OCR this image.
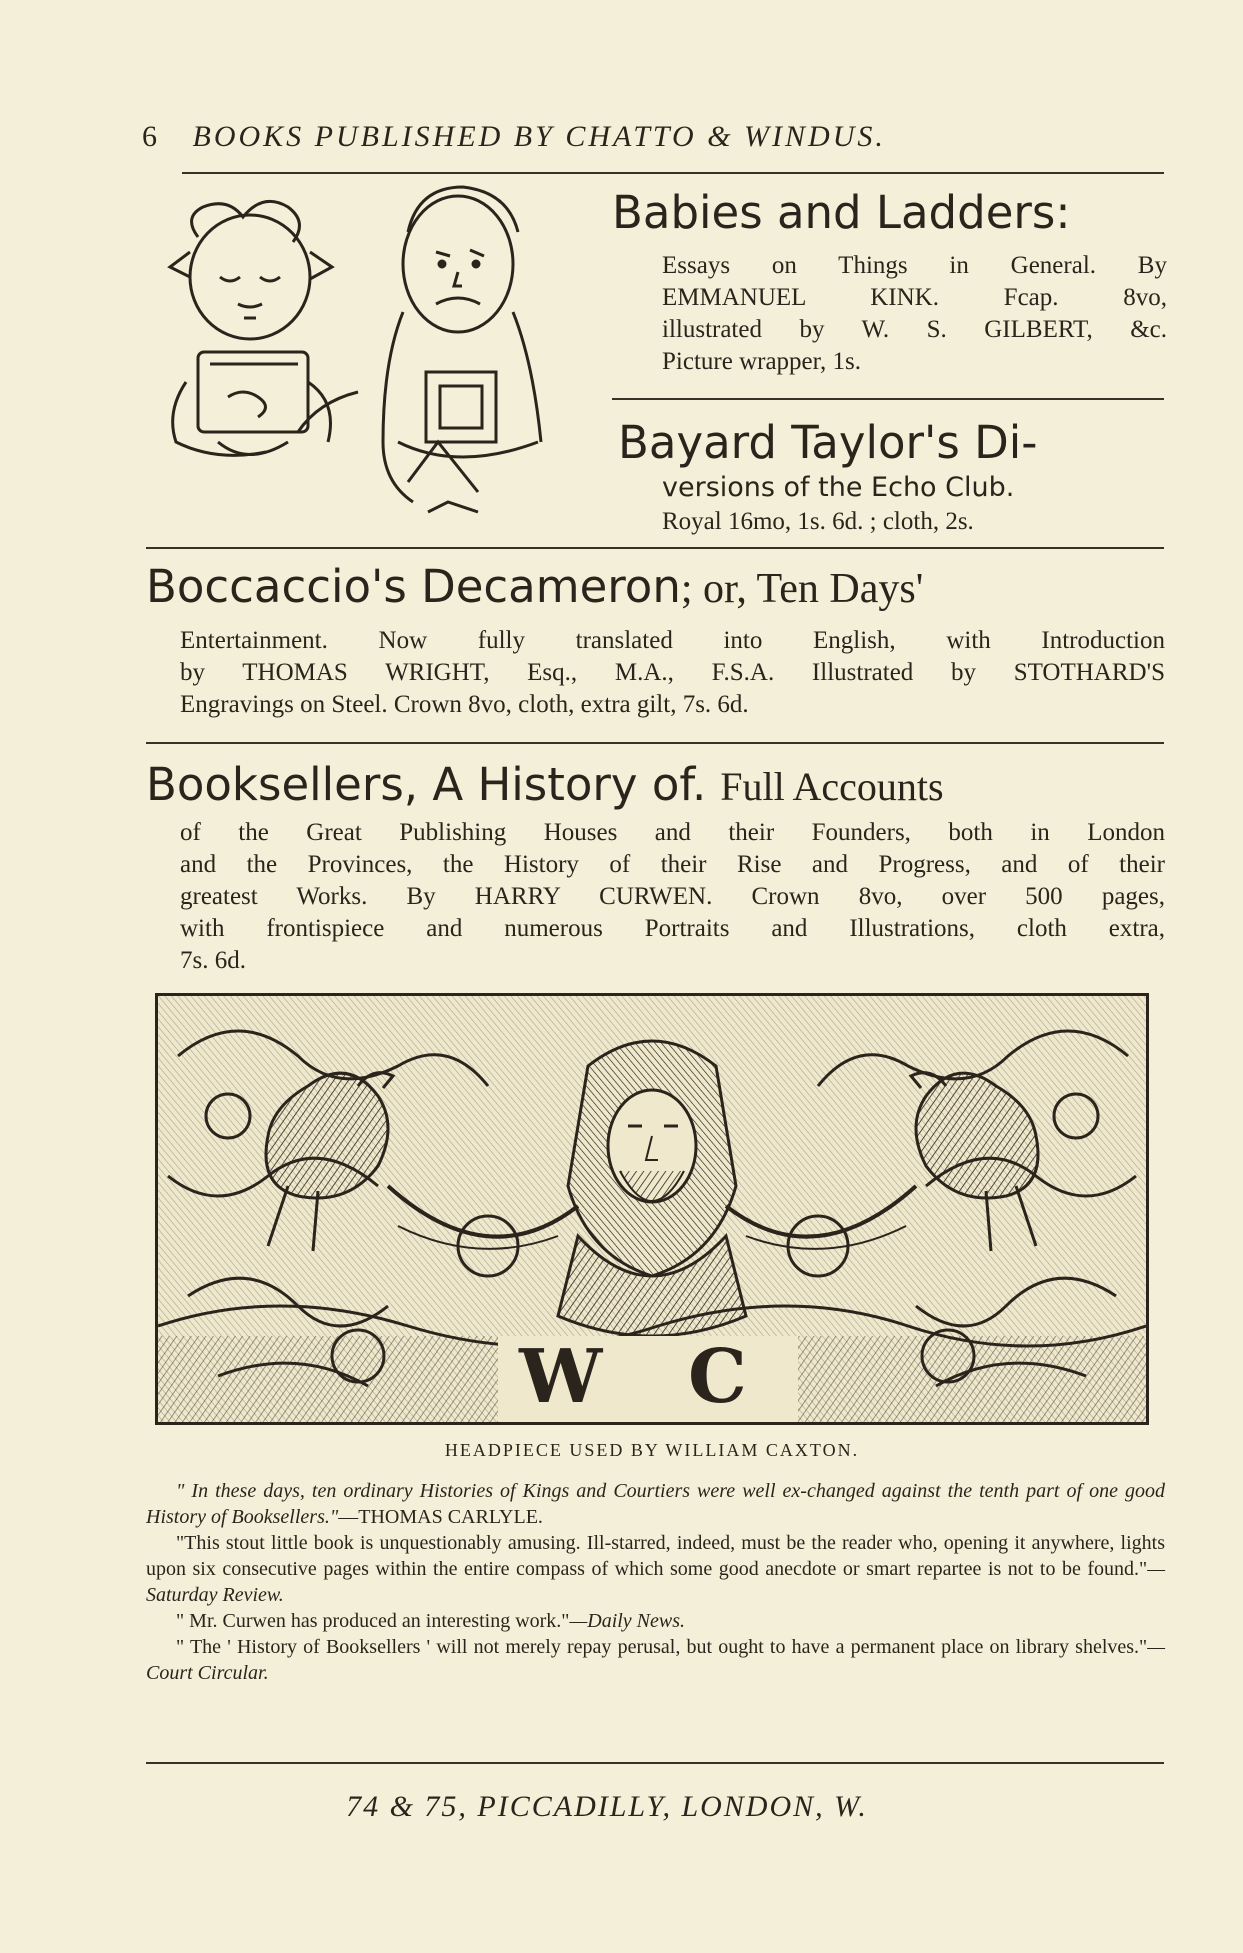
6 BOOKS PUBLISHED BY CHATTO & WINDUS.
Babies and Ladders:
Essays on Things in General. By
EMMANUEL KINK. Fcap. 8vo,
illustrated by W. S. GILBERT, &c.
Picture wrapper, 1s.
Bayard Taylor's Di-
versions of the Echo Club.
Royal 16mo, 1s. 6d. ; cloth, 2s.
Boccaccio's Decameron; or, Ten Days'
Entertainment. Now fully translated into English, with Introduction
by THOMAS WRIGHT, Esq., M.A., F.S.A. Illustrated by STOTHARD'S
Engravings on Steel. Crown 8vo, cloth, extra gilt, 7s. 6d.
Booksellers, A History of. Full Accounts
of the Great Publishing Houses and their Founders, both in London
and the Provinces, the History of their Rise and Progress, and of their
greatest Works. By HARRY CURWEN. Crown 8vo, over 500 pages,
with frontispiece and numerous Portraits and Illustrations, cloth extra,
7s. 6d.
W C
HEADPIECE USED BY WILLIAM CAXTON.

" In these days, ten ordinary Histories of Kings and Courtiers were well ex-changed against the tenth part of one good History of Booksellers."—THOMAS CARLYLE.

"This stout little book is unquestionably amusing. Ill-starred, indeed, must be the reader who, opening it anywhere, lights upon six consecutive pages within the entire compass of which some good anecdote or smart repartee is not to be found."—Saturday Review.

" Mr. Curwen has produced an interesting work."—Daily News.

" The ' History of Booksellers ' will not merely repay perusal, but ought to have a permanent place on library shelves."—Court Circular.

74 & 75, PICCADILLY, LONDON, W.
